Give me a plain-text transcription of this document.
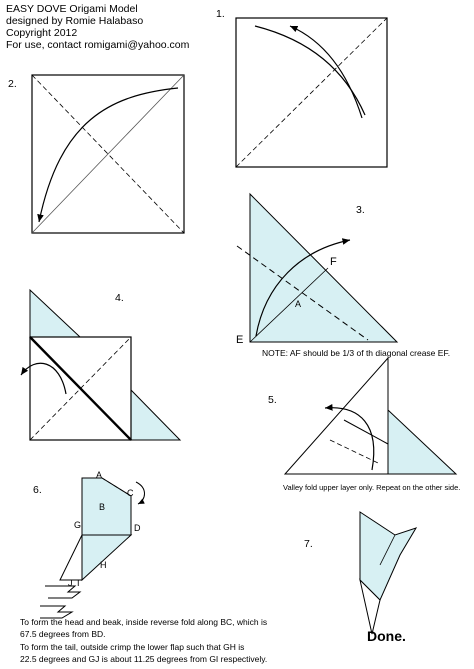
EASY DOVE Origami Model
designed by Romie Halabaso
Copyright 2012
For use, contact romigami@yahoo.com
1.
2.
3.
4.
5.
6.
7.
E
F
A
NOTE: AF should be 1/3 of th diagonal crease EF.
Valley fold upper layer only. Repeat on the other side.
A
B
C
D
G
H
I
J
To form the head and beak, inside reverse fold along BC, which is
67.5 degrees from BD.
To form the tail, outside crimp the lower flap such that GH is
22.5 degrees and GJ is about 11.25 degrees from GI respectively.
Done.
